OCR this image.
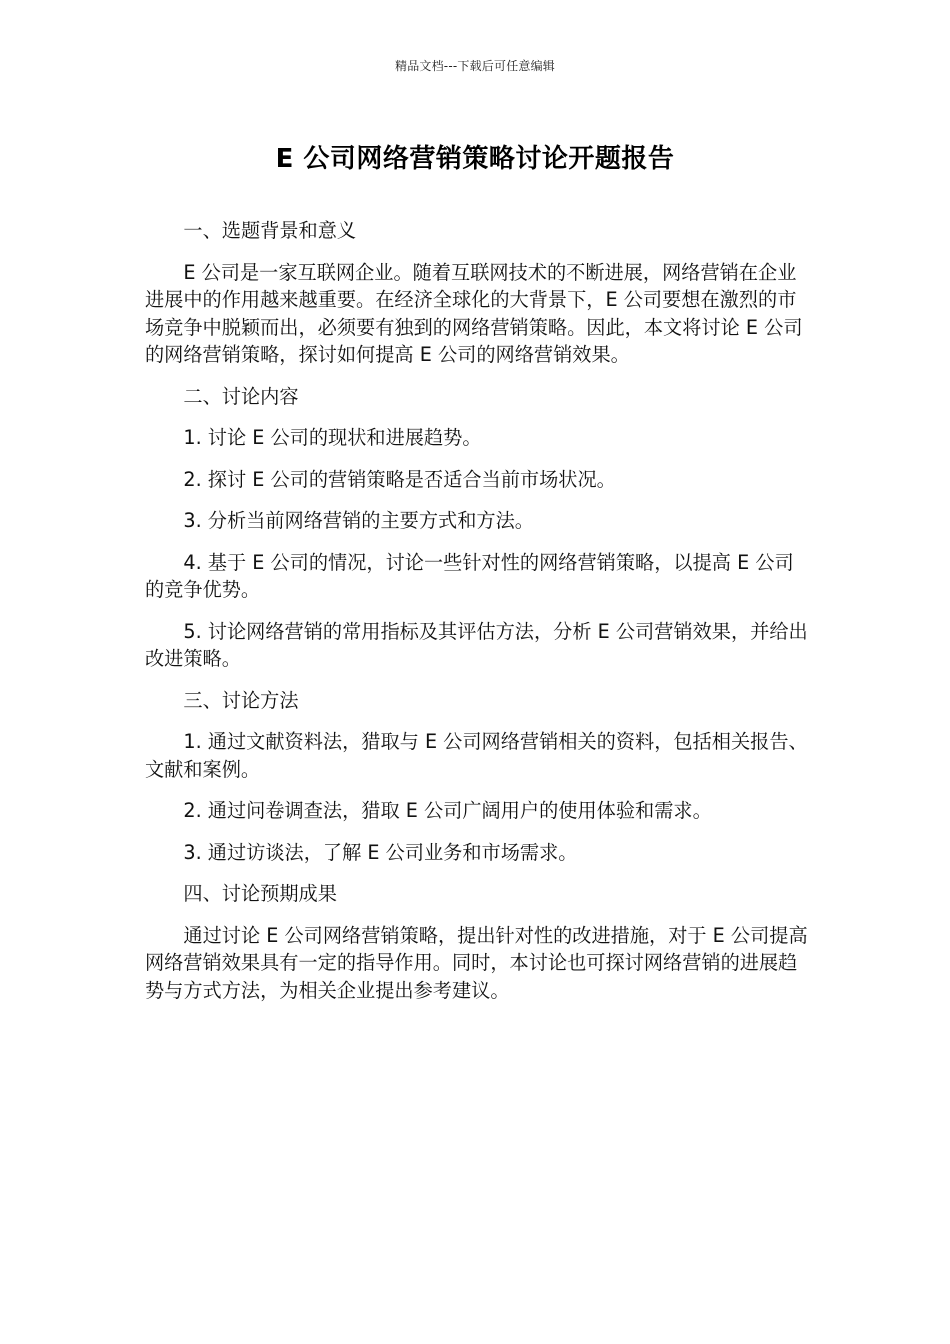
精品文档---下载后可任意编辑
E 公司网络营销策略讨论开题报告

一、选题背景和意义

E 公司是一家互联网企业。随着互联网技术的不断进展，网络营销在企业进展中的作用越来越重要。在经济全球化的大背景下，E 公司要想在激烈的市场竞争中脱颖而出，必须要有独到的网络营销策略。因此，本文将讨论 E 公司的网络营销策略，探讨如何提高 E 公司的网络营销效果。

二、讨论内容

1. 讨论 E 公司的现状和进展趋势。

2. 探讨 E 公司的营销策略是否适合当前市场状况。

3. 分析当前网络营销的主要方式和方法。

4. 基于 E 公司的情况，讨论一些针对性的网络营销策略，以提高 E 公司的竞争优势。

5. 讨论网络营销的常用指标及其评估方法，分析 E 公司营销效果，并给出改进策略。

三、讨论方法

1. 通过文献资料法，猎取与 E 公司网络营销相关的资料，包括相关报告、文献和案例。

2. 通过问卷调查法，猎取 E 公司广阔用户的使用体验和需求。

3. 通过访谈法，了解 E 公司业务和市场需求。

四、讨论预期成果

通过讨论 E 公司网络营销策略，提出针对性的改进措施，对于 E 公司提高网络营销效果具有一定的指导作用。同时，本讨论也可探讨网络营销的进展趋势与方式方法，为相关企业提出参考建议。
